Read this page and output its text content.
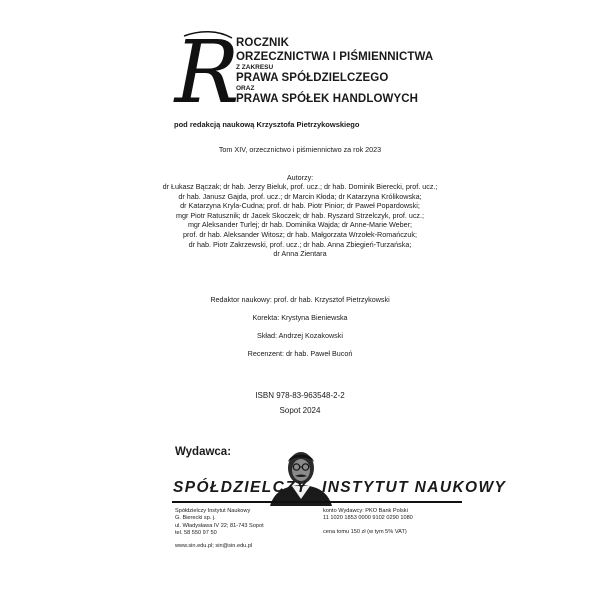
R
ROCZNIK
ORZECZNICTWA I PIŚMIENNICTWA
Z ZAKRESU
PRAWA SPÓŁDZIELCZEGO
ORAZ
PRAWA SPÓŁEK HANDLOWYCH
pod redakcją naukową Krzysztofa Pietrzykowskiego
Tom XIV, orzecznictwo i piśmiennictwo za rok 2023
Autorzy:
dr Łukasz Bączak; dr hab. Jerzy Bieluk, prof. ucz.; dr hab. Dominik Bierecki, prof. ucz.;
dr hab. Janusz Gajda, prof. ucz.; dr Marcin Kłoda; dr Katarzyna Królikowska;
dr Katarzyna Kryla-Cudna; prof. dr hab. Piotr Pinior; dr Paweł Popardowski;
mgr Piotr Ratusznik; dr Jacek Skoczek; dr hab. Ryszard Strzelczyk, prof. ucz.;
mgr Aleksander Turlej; dr hab. Dominika Wajda; dr Anne-Marie Weber;
prof. dr hab. Aleksander Witosz; dr hab. Małgorzata Wrzołek-Romańczuk;
dr hab. Piotr Zakrzewski, prof. ucz.; dr hab. Anna Zbiegień-Turzańska;
dr Anna Zientara
Redaktor naukowy: prof. dr hab. Krzysztof Pietrzykowski
Korekta: Krystyna Bieniewska
Skład: Andrzej Kozakowski
Recenzent: dr hab. Paweł Bucoń
ISBN 978-83-963548-2-2
Sopot 2024
Wydawca:
SPÓŁDZIELCZY INSTYTUT NAUKOWY
Spółdzielczy Instytut Naukowy
G. Bierecki sp. j.
ul. Władysława IV 22; 81-743 Sopot
tel. 58 550 97 50
www.sin.edu.pl; sin@sin.edu.pl
konto Wydawcy: PKO Bank Polski
11 1020 1853 0000 9102 0290 1080
cena tomu 150 zł (w tym 5% VAT)
